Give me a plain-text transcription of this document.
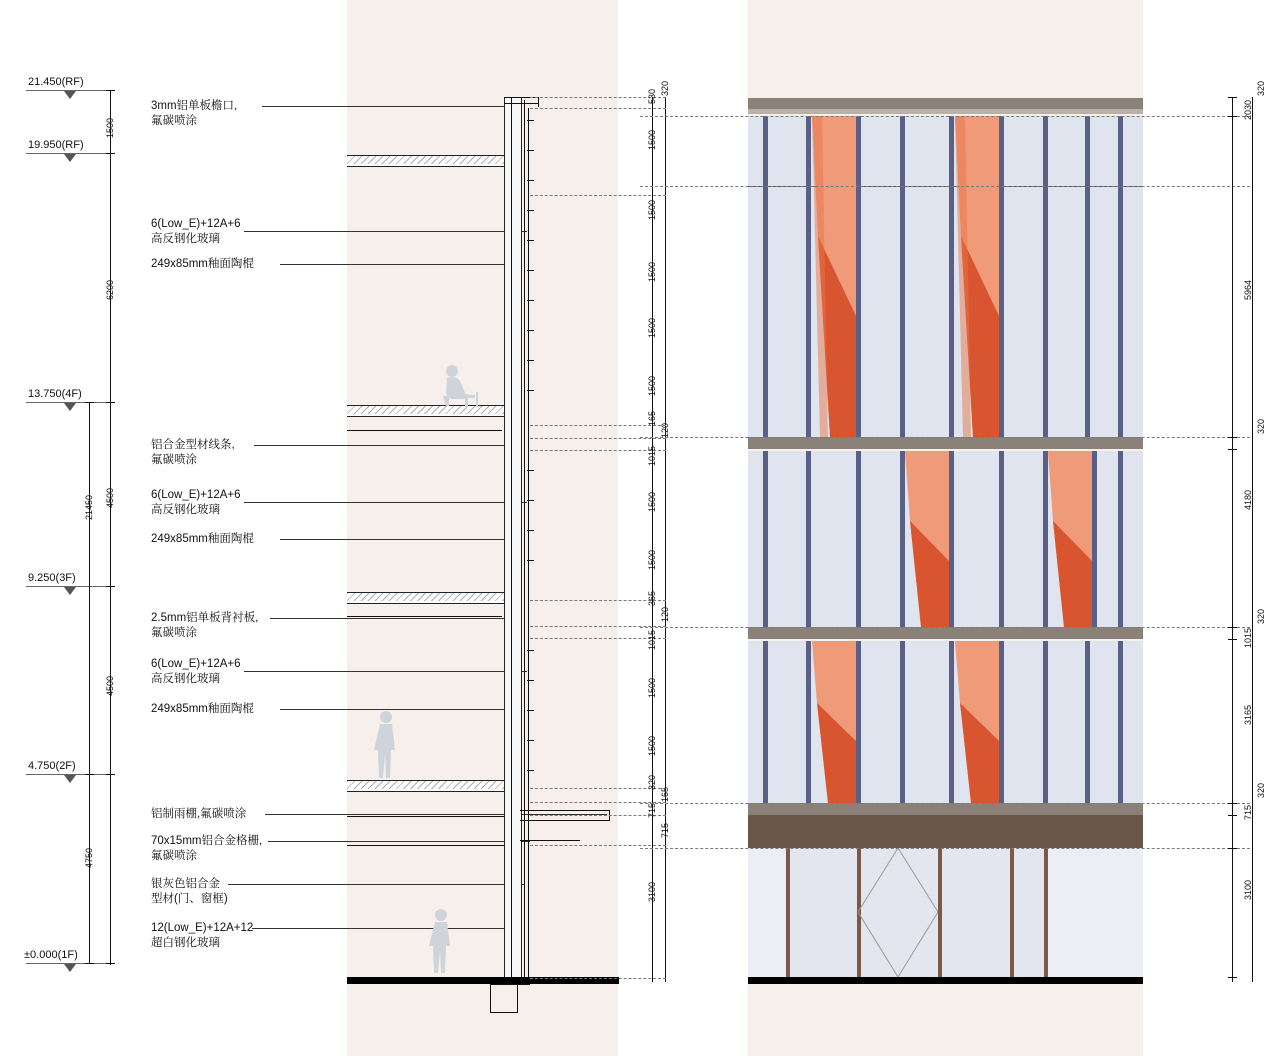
21.450(RF)
19.950(RF)
13.750(4F)
9.250(3F)
4.750(2F)
±0.000(1F)
1500
6200
4500
4500
21450
4750
3mm铝单板檐口,
氟碳喷涂
6(Low_E)+12A+6
高反钢化玻璃
249x85mm釉面陶棍
铝合金型材线条,
氟碳喷涂
6(Low_E)+12A+6
高反钢化玻璃
249x85mm釉面陶棍
2.5mm铝单板背衬板,
氟碳喷涂
6(Low_E)+12A+6
高反钢化玻璃
249x85mm釉面陶棍
铝制雨棚,氟碳喷涂
70x15mm铝合金格栅,
氟碳喷涂
银灰色铝合金
型材(门、窗框)
12(Low_E)+12A+12
超白钢化玻璃
320
530
1500
1500
1500
1500
1500
165
120
1015
1500
1500
365
120
1015
1500
1500
320
165
715
715
3100
320
2030
5964
320
4180
320
1015
3165
320
715
3100
